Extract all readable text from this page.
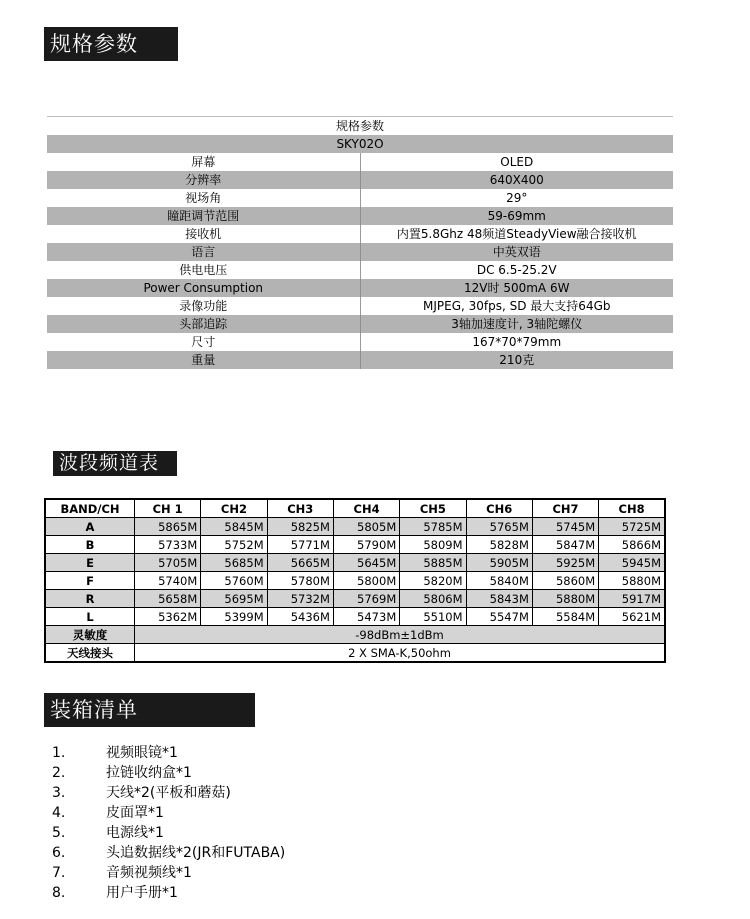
规格参数
规格参数	
SKY02O	
屏幕	OLED
分辨率	640X400
视场角	29°
瞳距调节范围	59-69mm
接收机	内置5.8Ghz 48频道SteadyView融合接收机
语言	中英双语
供电电压	DC 6.5-25.2V
Power Consumption	12V时 500mA 6W
录像功能	MJPEG, 30fps, SD 最大支持64Gb
头部追踪	3轴加速度计, 3轴陀螺仪
尺寸	167*70*79mm
重量	210克
波段频道表
BAND/CH	CH 1	CH2	CH3	CH4	CH5	CH6	CH7	CH8
A	5865M	5845M	5825M	5805M	5785M	5765M	5745M	5725M
B	5733M	5752M	5771M	5790M	5809M	5828M	5847M	5866M
E	5705M	5685M	5665M	5645M	5885M	5905M	5925M	5945M
F	5740M	5760M	5780M	5800M	5820M	5840M	5860M	5880M
R	5658M	5695M	5732M	5769M	5806M	5843M	5880M	5917M
L	5362M	5399M	5436M	5473M	5510M	5547M	5584M	5621M
灵敏度	-98dBm±1dBm							
天线接头	2 X SMA-K,50ohm							
装箱清单
1.	视频眼镜*1
2.	拉链收纳盒*1
3.	天线*2(平板和蘑菇)
4.	皮面罩*1
5.	电源线*1
6.	头追数据线*2(JR和FUTABA)
7.	音频视频线*1
8.	用户手册*1
